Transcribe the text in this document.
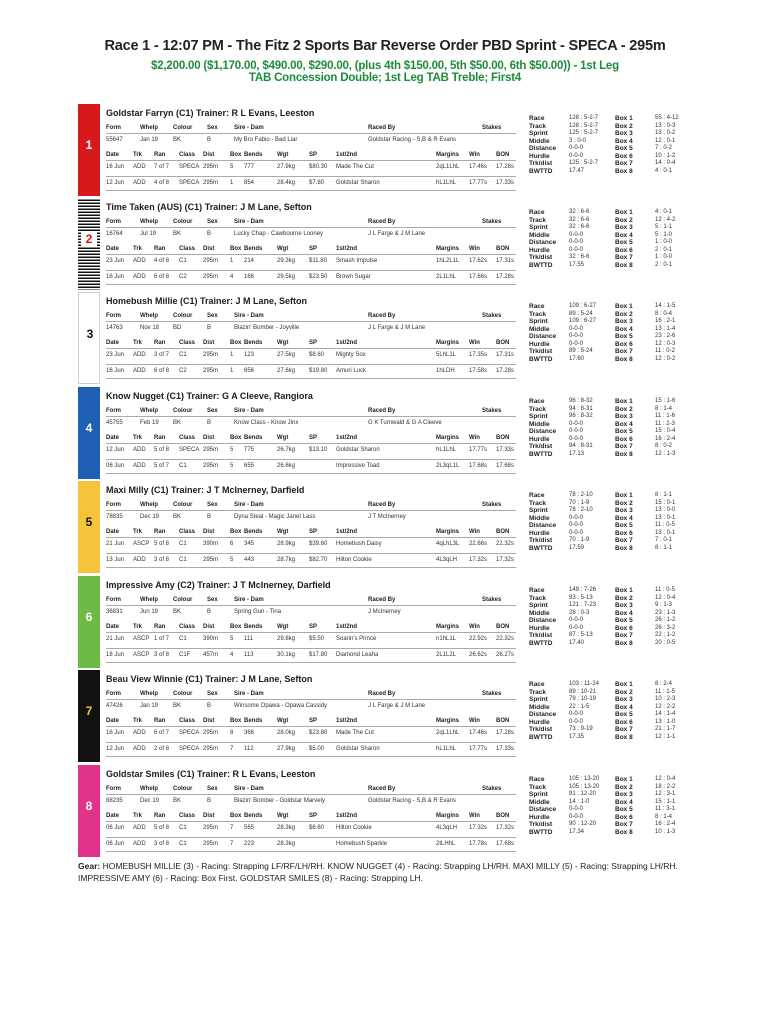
Race 1 - 12:07 PM - The Fitz 2 Sports Bar Reverse Order PBD Sprint - SPECA - 295m
$2,200.00 ($1,170.00, $490.00, $290.00, (plus 4th $150.00, 5th $50.00, 6th $50.00)) - 1st Leg
TAB Concession Double; 1st Leg TAB Treble; First4
1
Goldstar Farryn (C1) Trainer: R L Evans, Leeston
Form	Whelp	Colour Sex	Sire - Dam	Raced By	Stakes
55647	Jan 19 BK	B	My Bro Fabio - Bad Liar	Goldstar Racing - S,B & R Evans
Date Trk Ran Class Dist	Box Bends Wgt	SP	1st/2nd	Margins Win	BON
16 Jun ADD 7 of 7 SPECA 295m 5 777	27.9kg $80.30 Made The Cut	2qL1LhL 17.46s 17.28s
12 Jun ADD 4 of 8 SPECA 295m 1 854	28.4kg $7.80 Goldstar Sharon	hL1LhL 17.77s 17.33s
Race	128 : 5-2-7	Box 1	55 : 4-12
Track	128 : 5-2-7	Box 2	13 : 0-3
Sprint	125 : 5-2-7	Box 3	13 : 0-2
Middle	3 : 0-0	Box 4	12 : 0-1
Distance 0-0-0	Box 5	7 : 0-2
Hurdle	0-0-0	Box 6	10 : 1-2
Trk/dist	125 : 5-2-7	Box 7	14 : 0-4
BWTTD	17.47	Box 8	4 : 0-1
2
Time Taken (AUS) (C1) Trainer: J M Lane, Sefton
Form	Whelp	Colour Sex	Sire - Dam	Raced By	Stakes
16764	Jul 19	BK	B	Lucky Chap - Cawbourne Looney	J L Farge & J M Lane
Date Trk Ran Class Dist	Box Bends Wgt	SP	1st/2nd	Margins Win	BON
23 Jun ADD 4 of 8 C1	295m 1 214	29.3kg $11.80 Smash Impulse	1hL2L1L 17.62s 17.31s
16 Jun ADD 6 of 8 C2	295m 4 166	29.5kg $23.50 Brown Sugar	2L1LhL 17.66s 17.28s
Race	32 : 6-6	Box 1	4 : 0-1
Track	32 : 6-6	Box 2	12 : 4-2
Sprint	32 : 6-6	Box 3	5 : 1-1
Middle	0-0-0	Box 4	5 : 1-0
Distance 0-0-0	Box 5	1 : 0-0
Hurdle	0-0-0	Box 6	2 : 0-1
Trk/dist	32 : 6-6	Box 7	1 : 0-0
BWTTD	17.55	Box 8	2 : 0-1
3
Homebush Millie (C1) Trainer: J M Lane, Sefton
Form	Whelp	Colour Sex	Sire - Dam	Raced By	Stakes
14763	Nov 18 BD	B	Blazin' Bomber - Joyville	J L Farge & J M Lane
Date Trk Ran Class Dist	Box Bends Wgt	SP	1st/2nd	Margins Win	BON
23 Jun ADD 3 of 7 C1	295m 1 123	27.5kg $8.60 Mighty Sox	5LhL1L 17.35s 17.31s
16 Jun ADD 6 of 8 C2	295m 1 656	27.6kg $19.80 Amuri Luck	1hLDH 17.58s 17.28s
Race	109 : 6-27	Box 1	14 : 1-5
Track	89 : 5-24	Box 2	8 : 0-4
Sprint	109 : 6-27	Box 3	16 : 2-1
Middle	0-0-0	Box 4	13 : 1-4
Distance 0-0-0	Box 5	23 : 2-6
Hurdle	0-0-0	Box 6	12 : 0-3
Trk/dist	89 : 5-24	Box 7	11 : 0-2
BWTTD	17.60	Box 8	12 : 0-2
4
Know Nugget (C1) Trainer: G A Cleeve, Rangiora
Form	Whelp	Colour Sex	Sire - Dam	Raced By	Stakes
45755	Feb 19 BK	B	Know Class - Know Jinx	G K Turnwald & G A Cleeve
Date Trk Ran Class Dist	Box Bends Wgt	SP	1st/2nd	Margins Win	BON
12 Jun ADD 5 of 8 SPECA 295m 5 775	26.7kg $13.10 Goldstar Sharon	hL1LhL 17.77s 17.33s
06 Jun ADD 5 of 7 C1	295m 5 655	26.6kg	Impressive Toad	2L3qL1L 17.68s 17.68s
Race	96 : 8-32	Box 1	15 : 1-6
Track	94 : 8-31	Box 2	8 : 1-4
Sprint	96 : 8-32	Box 3	11 : 1-6
Middle	0-0-0	Box 4	11 : 2-3
Distance 0-0-0	Box 5	15 : 0-4
Hurdle	0-0-0	Box 6	16 : 2-4
Trk/dist	94 : 8-31	Box 7	8 : 0-2
BWTTD	17.13	Box 8	12 : 1-3
5
Maxi Milly (C1) Trainer: J T McInerney, Darfield
Form	Whelp	Colour Sex	Sire - Dam	Raced By	Stakes
78835	Dec 19 BK	B	Dyna Steal - Magic Janet Lass	J T McInerney
Date Trk Ran Class Dist	Box Bends Wgt	SP	1st/2nd	Margins Win	BON
21 Jun ASCP 5 of 8 C1	390m 6 345	28.9kg $39.60 Homebush Daisy	4qLhL3L 22.66s 22.32s
13 Jun ADD 3 of 8 C1	295m 5 443	28.7kg $82.70 Hilton Cookie	4L3qLH 17.32s 17.32s
Race	78 : 2-10	Box 1	8 : 1-1
Track	70 : 1-9	Box 2	15 : 0-1
Sprint	78 : 2-10	Box 3	13 : 0-0
Middle	0-0-0	Box 4	13 : 0-1
Distance 0-0-0	Box 5	11 : 0-5
Hurdle	0-0-0	Box 6	13 : 0-1
Trk/dist	70 : 1-9	Box 7	7 : 0-1
BWTTD	17.59	Box 8	8 : 1-1
6
Impressive Amy (C2) Trainer: J T McInerney, Darfield
Form	Whelp	Colour Sex	Sire - Dam	Raced By	Stakes
36831	Jun 19 BK	B	Spring Gun - Tina	J McInerney
Date Trk Ran Class Dist	Box Bends Wgt	SP	1st/2nd	Margins Win	BON
21 Jun ASCP 1 of 7 C1	390m 5 111	29.8kg $5.50 Soarin's Prince	n1hL1L 22.92s 22.32s
18 Jun ASCP 3 of 8 C1F 457m 4 113	30.1kg $17.80 Diamond Leaha	2L1L2L 26.62s 26.27s
Race	149 : 7-26	Box 1	11 : 0-5
Track	93 : 5-13	Box 2	12 : 0-4
Sprint	121 : 7-23	Box 3	9 : 1-3
Middle	28 : 0-3	Box 4	23 : 1-3
Distance 0-0-0	Box 5	26 : 1-2
Hurdle	0-0-0	Box 6	26 : 3-2
Trk/dist	87 : 5-13	Box 7	22 : 1-2
BWTTD	17.40	Box 8	20 : 0-5
7
Beau View Winnie (C1) Trainer: J M Lane, Sefton
Form	Whelp	Colour Sex	Sire - Dam	Raced By	Stakes
47426	Jan 19 BK	B	Winsome Opawa - Opawa Cassidy	J L Farge & J M Lane
Date Trk Ran Class Dist	Box Bends Wgt	SP	1st/2nd	Margins Win	BON
16 Jun ADD 6 of 7 SPECA 295m 8 366	28.0kg $23.80 Made The Cut	2qL1LhL 17.46s 17.28s
12 Jun ADD 2 of 8 SPECA 295m 7 112	27.9kg $5.00 Goldstar Sharon	hL1LhL 17.77s 17.33s
Race	103 : 11-24 Box 1	8 : 2-4
Track	89 : 10-21	Box 2	11 : 1-5
Sprint	79 : 10-19	Box 3	10 : 2-3
Middle	22 : 1-5	Box 4	12 : 2-2
Distance 0-0-0	Box 5	14 : 1-4
Hurdle	0-0-0	Box 6	13 : 1-0
Trk/dist	73 : 9-19	Box 7	21 : 1-7
BWTTD	17.35	Box 8	12 : 1-1
8
Goldstar Smiles (C1) Trainer: R L Evans, Leeston
Form	Whelp	Colour Sex	Sire - Dam	Raced By	Stakes
88235	Dec 19 BK	B	Blazin' Bomber - Goldstar Marvely	Goldstar Racing - S,B & R Evans
Date Trk Ran Class Dist	Box Bends Wgt	SP	1st/2nd	Margins Win	BON
06 Jun ADD 5 of 8 C1	295m 7 565	28.3kg $6.60 Hilton Cookie	4L3qLH 17.32s 17.32s
06 Jun ADD 3 of 8 C1	295m 7 223	28.3kg	Homebush Sparkle	2tLHhL 17.78s 17.68s
Race	105 : 13-20 Box 1	12 : 0-4
Track	105 : 13-20 Box 2	18 : 2-2
Sprint	91 : 12-20	Box 3	12 : 3-1
Middle	14 : 1-0	Box 4	15 : 1-1
Distance 0-0-0	Box 5	11 : 3-1
Hurdle	0-0-0	Box 6	8 : 1-4
Trk/dist	90 : 12-20	Box 7	16 : 2-4
BWTTD	17.34	Box 8	10 : 1-3
Gear: HOMEBUSH MILLIE (3) - Racing: Strapping LF/RF/LH/RH. KNOW NUGGET (4) - Racing: Strapping LH/RH. MAXI MILLY (5) - Racing: Strapping LH/RH. IMPRESSIVE AMY (6) - Racing: Box First. GOLDSTAR SMILES (8) - Racing: Strapping LH.
